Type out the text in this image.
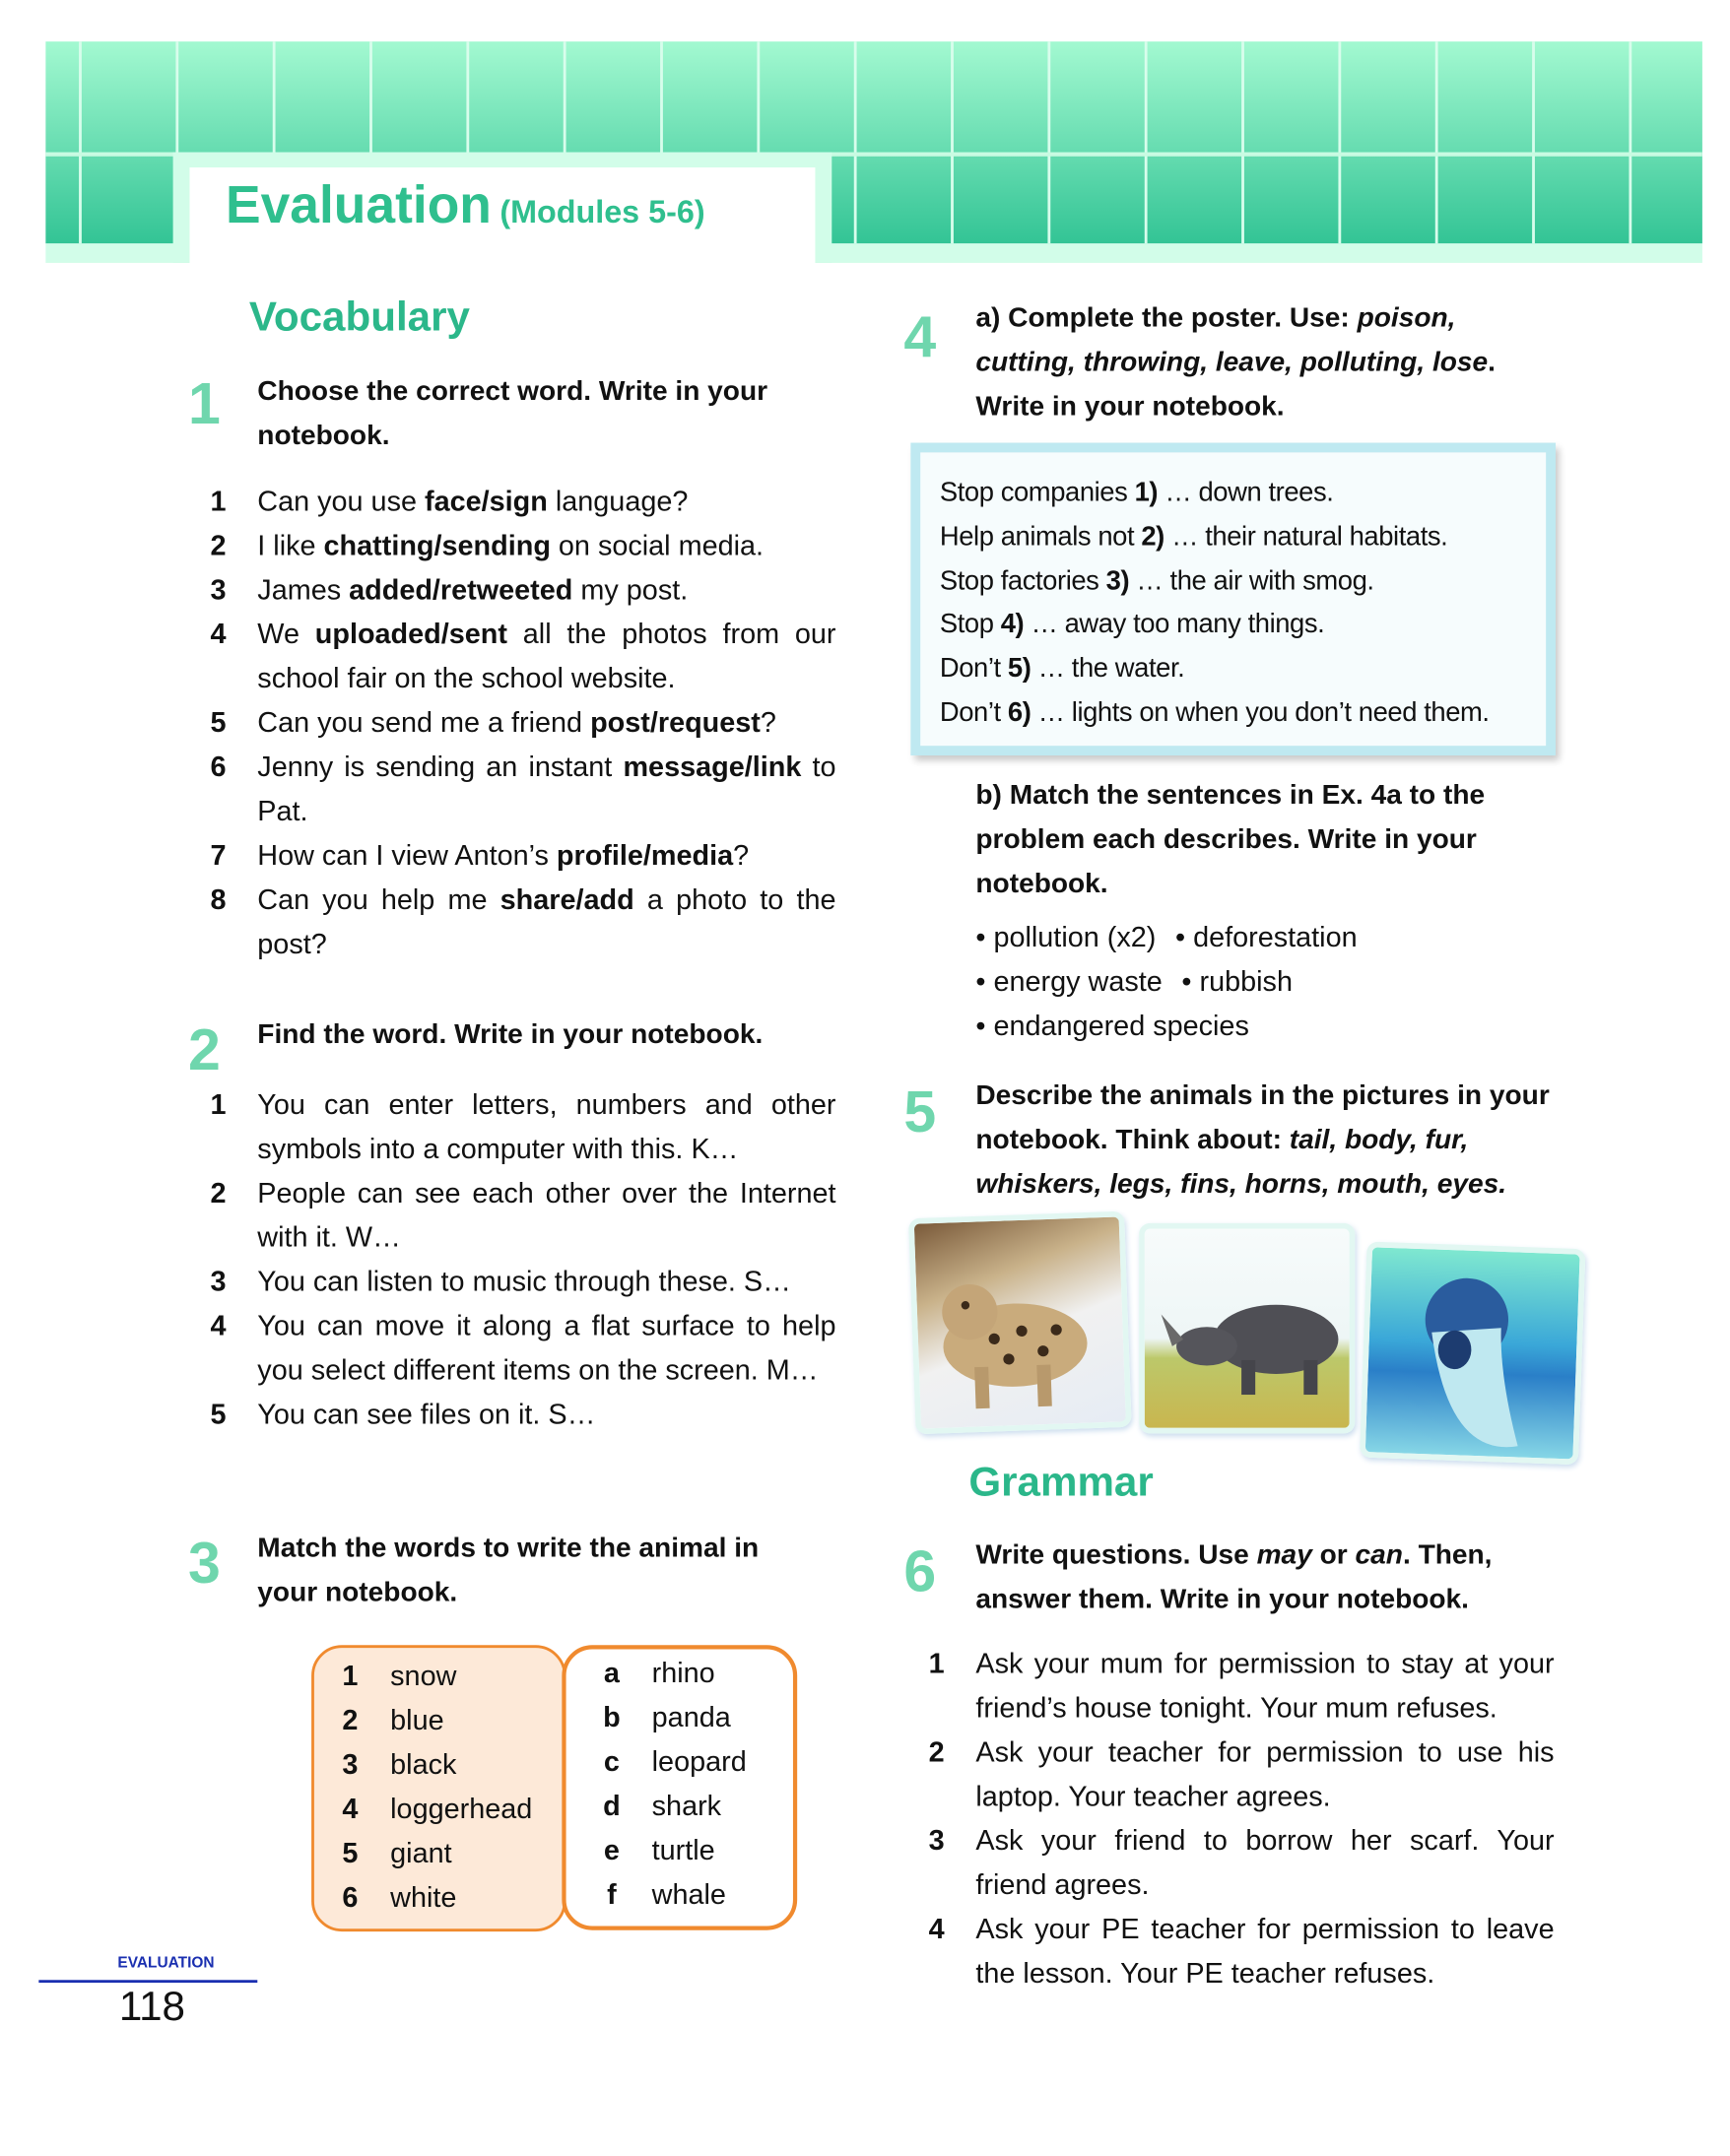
Evaluation (Modules 5-6)
Vocabulary
1 Choose the correct word. Write in your notebook.
1	Can you use face/sign language?
2	I like chatting/sending on social media.
3	James added/retweeted my post.
4	We uploaded/sent all the photos from our school fair on the school website.
5	Can you send me a friend post/request?
6	Jenny is sending an instant message/link to Pat.
7	How can I view Anton’s profile/media?
8	Can you help me share/add a photo to the post?
2 Find the word. Write in your notebook.
1	You can enter letters, numbers and other symbols into a computer with this. K…
2	People can see each other over the Internet with it. W…
3	You can listen to music through these. S…
4	You can move it along a flat surface to help you select different items on the screen. M…
5	You can see files on it. S…
3 Match the words to write the animal in your notebook.
1 snow
2 blue
3 black
4 loggerhead
5 giant
6 white
a rhino
b panda
c leopard
d shark
e turtle
f whale
4 a) Complete the poster. Use: poison, cutting, throwing, leave, polluting, lose. Write in your notebook.
Stop companies 1) … down trees.
Help animals not 2) … their natural habitats.
Stop factories 3) … the air with smog.
Stop 4) … away too many things.
Don’t 5) … the water.
Don’t 6) … lights on when you don’t need them.
b) Match the sentences in Ex. 4a to the problem each describes. Write in your notebook.
• pollution (x2) • deforestation
• energy waste • rubbish
• endangered species
5 Describe the animals in the pictures in your notebook. Think about: tail, body, fur, whiskers, legs, fins, horns, mouth, eyes.
Grammar
6 Write questions. Use may or can. Then, answer them. Write in your notebook.
1	Ask your mum for permission to stay at your friend’s house tonight. Your mum refuses.
2	Ask your teacher for permission to use his laptop. Your teacher agrees.
3	Ask your friend to borrow her scarf. Your friend agrees.
4	Ask your PE teacher for permission to leave the lesson. Your PE teacher refuses.
EVALUATION
118
